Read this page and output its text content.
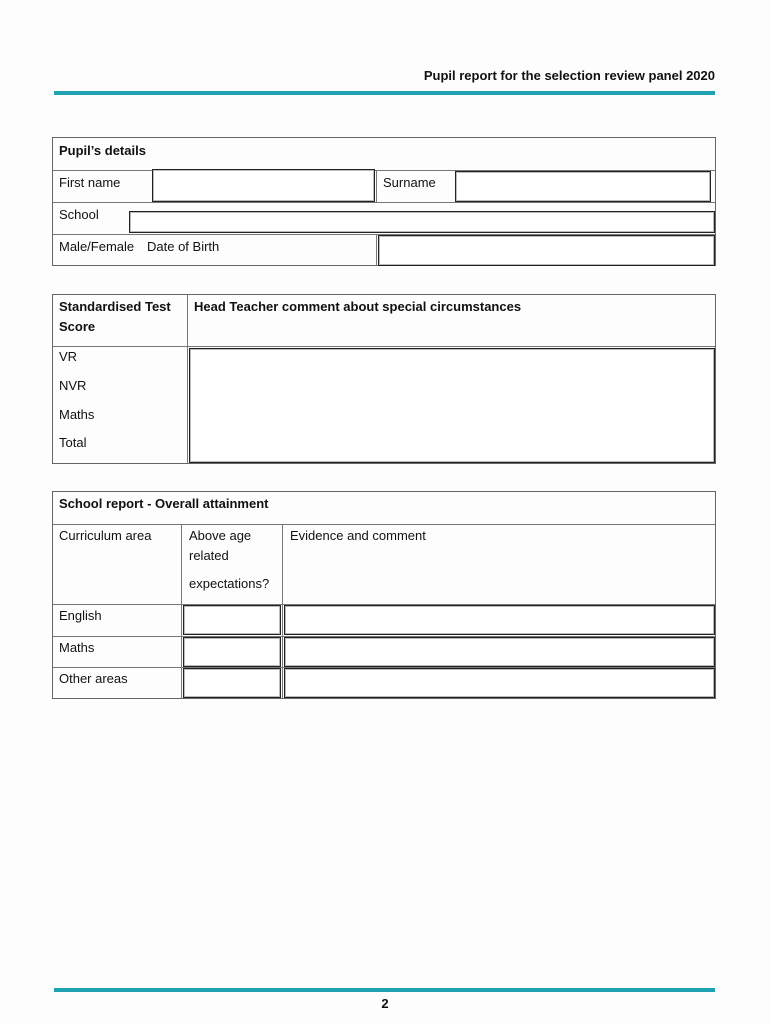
Pupil report for the selection review panel 2020
Pupil’s details
First name	Surname
School
Male/Female Date of Birth
Standardised Test
Score
Head Teacher comment about special circumstances
VR
NVR
Maths
Total
School report - Overall attainment
Curriculum area	Above age
related
expectations?
Evidence and comment
English
Maths
Other areas
2
